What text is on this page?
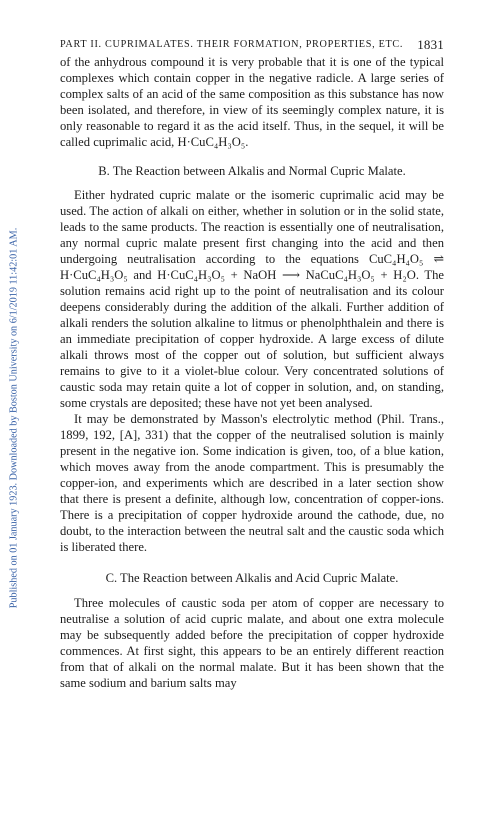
Published on 01 January 1923. Downloaded by Boston University on 6/1/2019 11:42:01 AM.
PART II. CUPRIMALATES. THEIR FORMATION, PROPERTIES, ETC. 1831

of the anhydrous compound it is very probable that it is one of the typical complexes which contain copper in the negative radicle. A large series of complex salts of an acid of the same composition as this substance has now been isolated, and therefore, in view of its seemingly complex nature, it is only reasonable to regard it as the acid itself. Thus, in the sequel, it will be called cuprimalic acid, H·CuC₄H₃O₅.

B. The Reaction between Alkalis and Normal Cupric Malate.

Either hydrated cupric malate or the isomeric cuprimalic acid may be used. The action of alkali on either, whether in solution or in the solid state, leads to the same products. The reaction is essentially one of neutralisation, any normal cupric malate present first changing into the acid and then undergoing neutralisation according to the equations CuC₄H₄O₅ ⇌ H·CuC₄H₃O₅ and H·CuC₄H₃O₅ + NaOH ⟶ NaCuC₄H₃O₅ + H₂O. The solution remains acid right up to the point of neutralisation and its colour deepens considerably during the addition of the alkali. Further addition of alkali renders the solution alkaline to litmus or phenolphthalein and there is an immediate precipitation of copper hydroxide. A large excess of dilute alkali throws most of the copper out of solution, but sufficient always remains to give to it a violet-blue colour. Very concentrated solutions of caustic soda may retain quite a lot of copper in solution, and, on standing, some crystals are deposited; these have not yet been analysed.

It may be demonstrated by Masson's electrolytic method (Phil. Trans., 1899, 192, [A], 331) that the copper of the neutralised solution is mainly present in the negative ion. Some indication is given, too, of a blue kation, which moves away from the anode compartment. This is presumably the copper-ion, and experiments which are described in a later section show that there is present a definite, although low, concentration of copper-ions. There is a precipitation of copper hydroxide around the cathode, due, no doubt, to the interaction between the neutral salt and the caustic soda which is liberated there.

C. The Reaction between Alkalis and Acid Cupric Malate.

Three molecules of caustic soda per atom of copper are necessary to neutralise a solution of acid cupric malate, and about one extra molecule may be subsequently added before the precipitation of copper hydroxide commences. At first sight, this appears to be an entirely different reaction from that of alkali on the normal malate. But it has been shown that the same sodium and barium salts may
